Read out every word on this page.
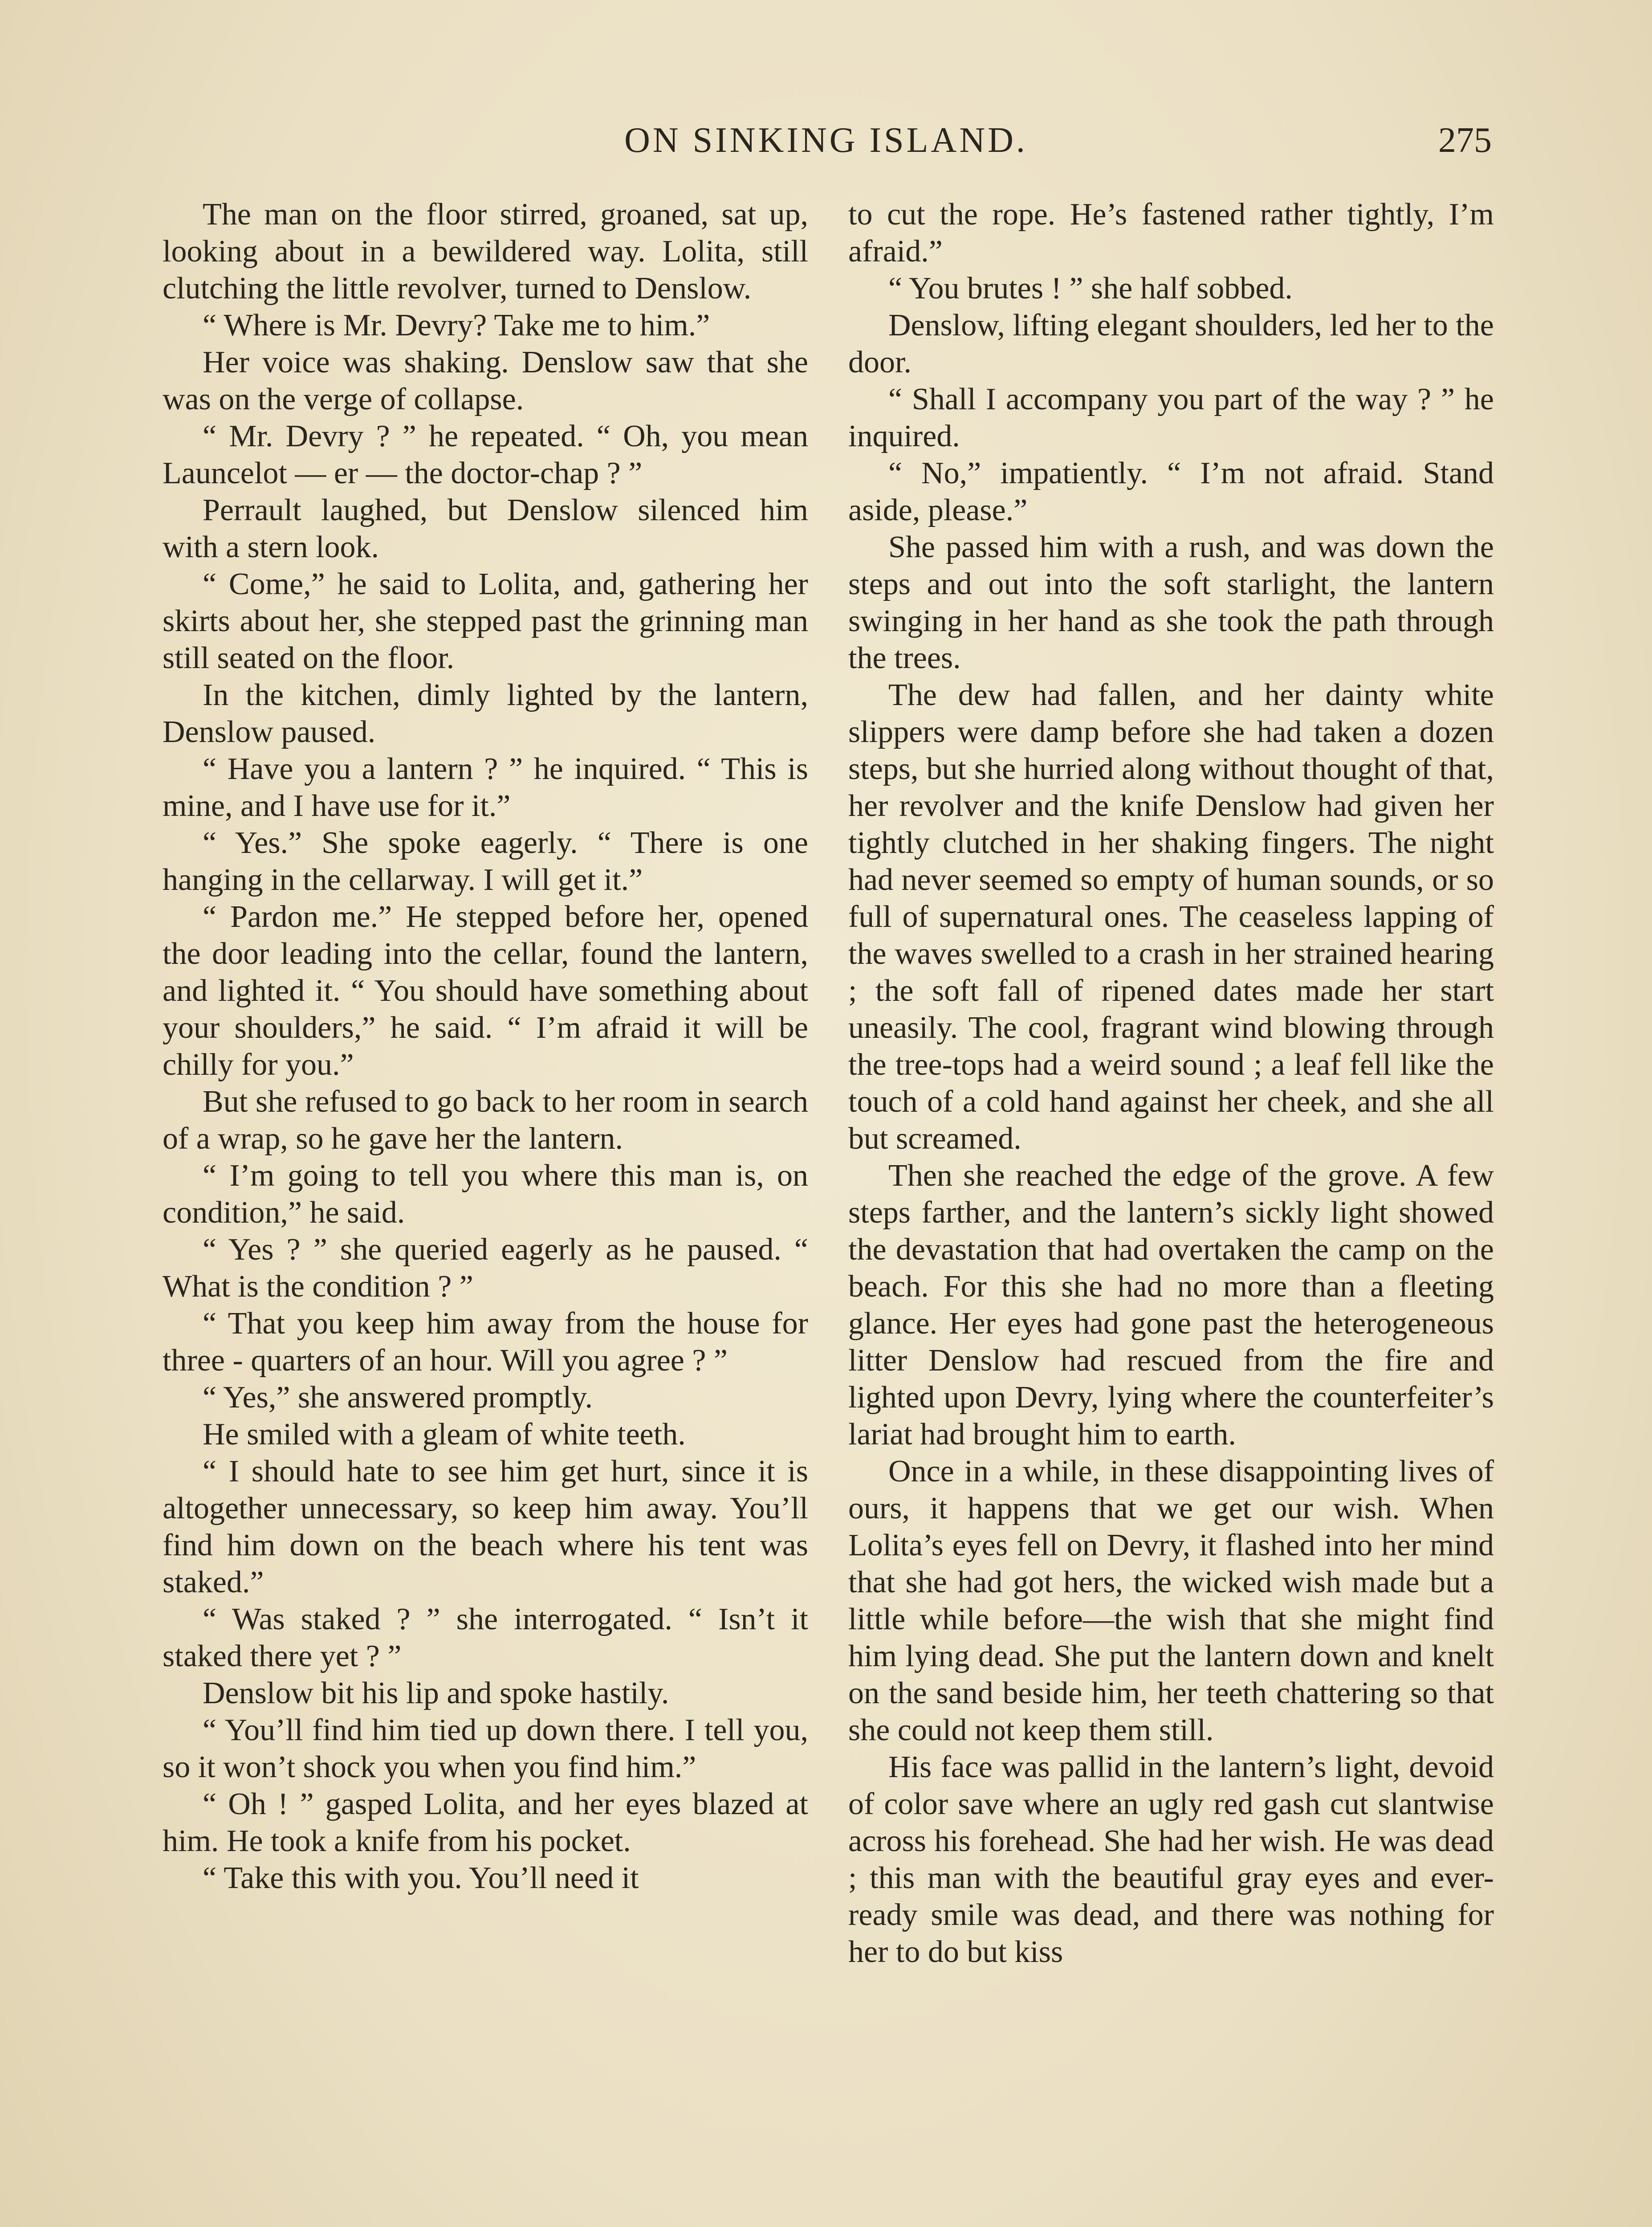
ON SINKING ISLAND.	275

The man on the floor stirred, groaned, sat up, looking about in a bewildered way. Lolita, still clutching the little revolver, turned to Denslow.

“ Where is Mr. Devry? Take me to him.”

Her voice was shaking. Denslow saw that she was on the verge of collapse.

“ Mr. Devry ? ” he repeated. “ Oh, you mean Launcelot — er — the doctor-chap ? ”

Perrault laughed, but Denslow silenced him with a stern look.

“ Come,” he said to Lolita, and, gathering her skirts about her, she stepped past the grinning man still seated on the floor.

In the kitchen, dimly lighted by the lantern, Denslow paused.

“ Have you a lantern ? ” he inquired. “ This is mine, and I have use for it.”

“ Yes.” She spoke eagerly. “ There is one hanging in the cellarway. I will get it.”

“ Pardon me.” He stepped before her, opened the door leading into the cellar, found the lantern, and lighted it. “ You should have something about your shoulders,” he said. “ I’m afraid it will be chilly for you.”

But she refused to go back to her room in search of a wrap, so he gave her the lantern.

“ I’m going to tell you where this man is, on condition,” he said.

“ Yes ? ” she queried eagerly as he paused. “ What is the condition ? ”

“ That you keep him away from the house for three - quarters of an hour. Will you agree ? ”

“ Yes,” she answered promptly.

He smiled with a gleam of white teeth.

“ I should hate to see him get hurt, since it is altogether unnecessary, so keep him away. You’ll find him down on the beach where his tent was staked.”

“ Was staked ? ” she interrogated. “ Isn’t it staked there yet ? ”

Denslow bit his lip and spoke hastily.

“ You’ll find him tied up down there. I tell you, so it won’t shock you when you find him.”

“ Oh ! ” gasped Lolita, and her eyes blazed at him. He took a knife from his pocket.

“ Take this with you. You’ll need it

to cut the rope. He’s fastened rather tightly, I’m afraid.”

“ You brutes ! ” she half sobbed.

Denslow, lifting elegant shoulders, led her to the door.

“ Shall I accompany you part of the way ? ” he inquired.

“ No,” impatiently. “ I’m not afraid. Stand aside, please.”

She passed him with a rush, and was down the steps and out into the soft starlight, the lantern swinging in her hand as she took the path through the trees.

The dew had fallen, and her dainty white slippers were damp before she had taken a dozen steps, but she hurried along without thought of that, her revolver and the knife Denslow had given her tightly clutched in her shaking fingers. The night had never seemed so empty of human sounds, or so full of supernatural ones. The ceaseless lapping of the waves swelled to a crash in her strained hearing ; the soft fall of ripened dates made her start uneasily. The cool, fragrant wind blowing through the tree-tops had a weird sound ; a leaf fell like the touch of a cold hand against her cheek, and she all but screamed.

Then she reached the edge of the grove. A few steps farther, and the lantern’s sickly light showed the devastation that had overtaken the camp on the beach. For this she had no more than a fleeting glance. Her eyes had gone past the heterogeneous litter Denslow had rescued from the fire and lighted upon Devry, lying where the counterfeiter’s lariat had brought him to earth.

Once in a while, in these disappointing lives of ours, it happens that we get our wish. When Lolita’s eyes fell on Devry, it flashed into her mind that she had got hers, the wicked wish made but a little while before—the wish that she might find him lying dead. She put the lantern down and knelt on the sand beside him, her teeth chattering so that she could not keep them still.

His face was pallid in the lantern’s light, devoid of color save where an ugly red gash cut slantwise across his forehead. She had her wish. He was dead ; this man with the beautiful gray eyes and ever-ready smile was dead, and there was nothing for her to do but kiss
